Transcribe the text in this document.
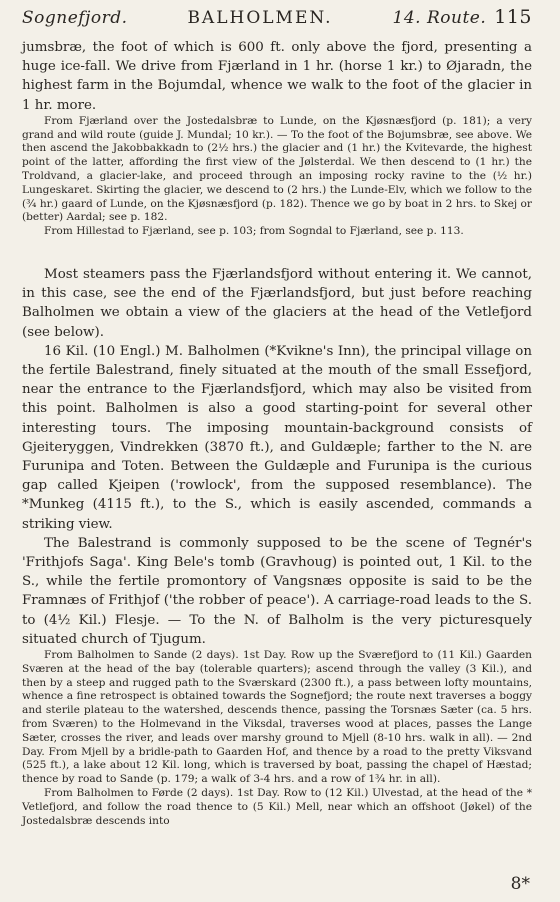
Sognefjord.	BALHOLMEN.	14. Route. 115

jumsbræ, the foot of which is 600 ft. only above the fjord, presenting a huge ice-fall. We drive from Fjærland in 1 hr. (horse 1 kr.) to Øjaradn, the highest farm in the Bojumdal, whence we walk to the foot of the glacier in 1 hr. more.

From Fjærland over the Jostedalsbræ to Lunde, on the Kjøsnæsfjord (p. 181); a very grand and wild route (guide J. Mundal; 10 kr.). — To the foot of the Bojumsbræ, see above. We then ascend the Jakobbakkadn to (2½ hrs.) the glacier and (1 hr.) the Kvitevarde, the highest point of the latter, affording the first view of the Jølsterdal. We then descend to (1 hr.) the Troldvand, a glacier-lake, and proceed through an imposing rocky ravine to the (½ hr.) Lungeskaret. Skirting the glacier, we descend to (2 hrs.) the Lunde-Elv, which we follow to the (¾ hr.) gaard of Lunde, on the Kjøsnæsfjord (p. 182). Thence we go by boat in 2 hrs. to Skej or (better) Aardal; see p. 182.

From Hillestad to Fjærland, see p. 103; from Sogndal to Fjærland, see p. 113.

Most steamers pass the Fjærlandsfjord without entering it. We cannot, in this case, see the end of the Fjærlandsfjord, but just before reaching Balholmen we obtain a view of the glaciers at the head of the Vetlefjord (see below).

16 Kil. (10 Engl.) M. Balholmen (*Kvikne's Inn), the principal village on the fertile Balestrand, finely situated at the mouth of the small Essefjord, near the entrance to the Fjærlandsfjord, which may also be visited from this point. Balholmen is also a good starting-point for several other interesting tours. The imposing mountain-background consists of Gjeiteryggen, Vindrekken (3870 ft.), and Guldæple; farther to the N. are Furunipa and Toten. Between the Guldæple and Furunipa is the curious gap called Kjeipen ('rowlock', from the supposed resemblance). The *Munkeg (4115 ft.), to the S., which is easily ascended, commands a striking view.

The Balestrand is commonly supposed to be the scene of Tegnér's 'Frithjofs Saga'. King Bele's tomb (Gravhoug) is pointed out, 1 Kil. to the S., while the fertile promontory of Vangsnæs opposite is said to be the Framnæs of Frithjof ('the robber of peace'). A carriage-road leads to the S. to (4½ Kil.) Flesje. — To the N. of Balholm is the very picturesquely situated church of Tjugum.

From Balholmen to Sande (2 days). 1st Day. Row up the Sværefjord to (11 Kil.) Gaarden Sværen at the head of the bay (tolerable quarters); ascend through the valley (3 Kil.), and then by a steep and rugged path to the Sværskard (2300 ft.), a pass between lofty mountains, whence a fine retrospect is obtained towards the Sognefjord; the route next traverses a boggy and sterile plateau to the watershed, descends thence, passing the Torsnæs Sæter (ca. 5 hrs. from Sværen) to the Holmevand in the Viksdal, traverses wood at places, passes the Lange Sæter, crosses the river, and leads over marshy ground to Mjell (8-10 hrs. walk in all). — 2nd Day. From Mjell by a bridle-path to Gaarden Hof, and thence by a road to the pretty Viksvand (525 ft.), a lake about 12 Kil. long, which is traversed by boat, passing the chapel of Hæstad; thence by road to Sande (p. 179; a walk of 3-4 hrs. and a row of 1¾ hr. in all).

From Balholmen to Førde (2 days). 1st Day. Row to (12 Kil.) Ulvestad, at the head of the * Vetlefjord, and follow the road thence to (5 Kil.) Mell, near which an offshoot (Jøkel) of the Jostedalsbræ descends into

8*
